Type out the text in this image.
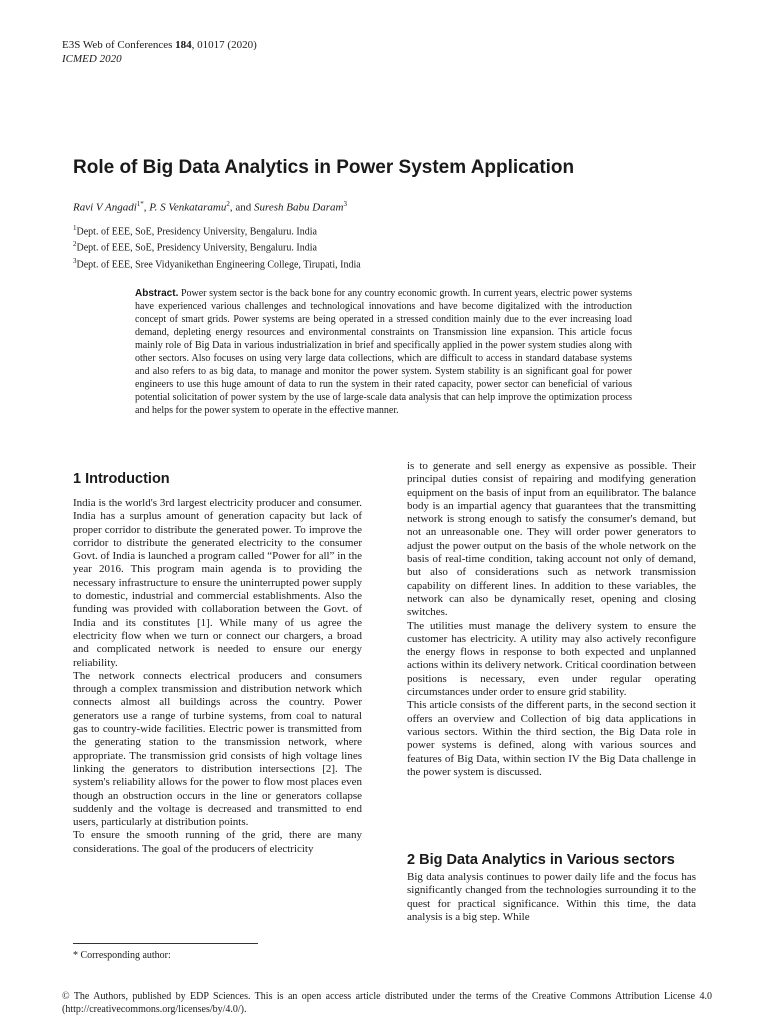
E3S Web of Conferences 184, 01017 (2020)
ICMED 2020
Role of Big Data Analytics in Power System Application
Ravi V Angadi$^{1*}$, P. S Venkataramu$^2$, and Suresh Babu Daram$^3$
$^1$Dept. of EEE, SoE, Presidency University, Bengaluru. India
$^2$Dept. of EEE, SoE, Presidency University, Bengaluru. India
$^3$Dept. of EEE, Sree Vidyanikethan Engineering College, Tirupati, India
Abstract. Power system sector is the back bone for any country economic growth. In current years, electric power systems have experienced various challenges and technological innovations and have become digitalized with the introduction concept of smart grids. Power systems are being operated in a stressed condition mainly due to the ever increasing load demand, depleting energy resources and environmental constraints on Transmission line expansion. This article focus mainly role of Big Data in various industrialization in brief and specifically applied in the power system studies along with other sectors. Also focuses on using very large data collections, which are difficult to access in standard database systems and also refers to as big data, to manage and monitor the power system. System stability is an significant goal for power engineers to use this huge amount of data to run the system in their rated capacity, power sector can beneficial of various potential solicitation of power system by the use of large-scale data analysis that can help improve the optimization process and helps for the power system to operate in the effective manner.
1 Introduction

India is the world's 3rd largest electricity producer and consumer. India has a surplus amount of generation capacity but lack of proper corridor to distribute the generated power. To improve the corridor to distribute the generated electricity to the consumer Govt. of India is launched a program called “Power for all” in the year 2016. This program main agenda is to providing the necessary infrastructure to ensure the uninterrupted power supply to domestic, industrial and commercial establishments. Also the funding was provided with collaboration between the Govt. of India and its constitutes [1]. While many of us agree the electricity flow when we turn or connect our chargers, a broad and complicated network is needed to ensure our energy reliability.

The network connects electrical producers and consumers through a complex transmission and distribution network which connects almost all buildings across the country. Power generators use a range of turbine systems, from coal to natural gas to country-wide facilities. Electric power is transmitted from the generating station to the transmission network, where appropriate. The transmission grid consists of high voltage lines linking the generators to distribution intersections [2]. The system's reliability allows for the power to flow most places even though an obstruction occurs in the line or generators collapse suddenly and the voltage is decreased and transmitted to end users, particularly at distribution points.

To ensure the smooth running of the grid, there are many considerations. The goal of the producers of electricity

is to generate and sell energy as expensive as possible. Their principal duties consist of repairing and modifying generation equipment on the basis of input from an equilibrator. The balance body is an impartial agency that guarantees that the transmitting network is strong enough to satisfy the consumer's demand, but not an unreasonable one. They will order power generators to adjust the power output on the basis of the whole network on the basis of real-time condition, taking account not only of demand, but also of considerations such as network transmission capability on different lines. In addition to these variables, the network can also be dynamically reset, opening and closing switches.

The utilities must manage the delivery system to ensure the customer has electricity. A utility may also actively reconfigure the energy flows in response to both expected and unplanned actions within its delivery network. Critical coordination between positions is necessary, even under regular operating circumstances under order to ensure grid stability.

This article consists of the different parts, in the second section it offers an overview and Collection of big data applications in various sectors. Within the third section, the Big Data role in power systems is defined, along with various sources and features of Big Data, within section IV the Big Data challenge in the power system is discussed.

2 Big Data Analytics in Various sectors

Big data analysis continues to power daily life and the focus has significantly changed from the technologies surrounding it to the quest for practical significance. Within this time, the data analysis is a big step. While

* Corresponding author:
© The Authors, published by EDP Sciences. This is an open access article distributed under the terms of the Creative Commons Attribution License 4.0 (http://creativecommons.org/licenses/by/4.0/).
